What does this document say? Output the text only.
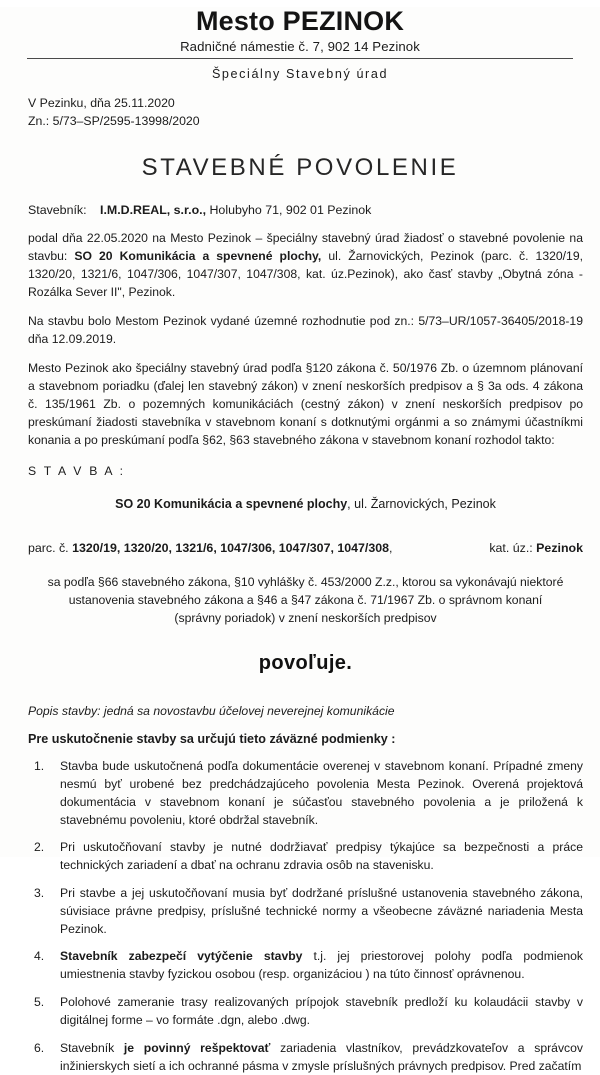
Mesto PEZINOK
Radničné námestie č. 7, 902 14 Pezinok
Špeciálny Stavebný úrad
V Pezinku, dňa 25.11.2020
Zn.: 5/73–SP/2595-13998/2020
STAVEBNÉ POVOLENIE
Stavebník: I.M.D.REAL, s.r.o., Holubyho 71, 902 01 Pezinok

podal dňa 22.05.2020 na Mesto Pezinok – špeciálny stavebný úrad žiadosť o stavebné povolenie na stavbu: SO 20 Komunikácia a spevnené plochy, ul. Žarnovických, Pezinok (parc. č. 1320/19, 1320/20, 1321/6, 1047/306, 1047/307, 1047/308, kat. úz.Pezinok), ako časť stavby „Obytná zóna - Rozálka Sever II", Pezinok.

Na stavbu bolo Mestom Pezinok vydané územné rozhodnutie pod zn.: 5/73–UR/1057-36405/2018-19 dňa 12.09.2019.

Mesto Pezinok ako špeciálny stavebný úrad podľa §120 zákona č. 50/1976 Zb. o územnom plánovaní a stavebnom poriadku (ďalej len stavebný zákon) v znení neskorších predpisov a § 3a ods. 4 zákona č. 135/1961 Zb. o pozemných komunikáciách (cestný zákon) v znení neskorších predpisov po preskúmaní žiadosti stavebníka v stavebnom konaní s dotknutými orgánmi a so známymi účastníkmi konania a po preskúmaní podľa §62, §63 stavebného zákona v stavebnom konaní rozhodol takto:

S T A V B A :
SO 20 Komunikácia a spevnené plochy, ul. Žarnovických, Pezinok
parc. č. 1320/19, 1320/20, 1321/6, 1047/306, 1047/307, 1047/308,	kat. úz.: Pezinok
sa podľa §66 stavebného zákona, §10 vyhlášky č. 453/2000 Z.z., ktorou sa vykonávajú niektoré ustanovenia stavebného zákona a §46 a §47 zákona č. 71/1967 Zb. o správnom konaní (správny poriadok) v znení neskorších predpisov
povoľuje.
Popis stavby: jedná sa novostavbu účelovej neverejnej komunikácie
Pre uskutočnenie stavby sa určujú tieto záväzné podmienky :
1.	Stavba bude uskutočnená podľa dokumentácie overenej v stavebnom konaní. Prípadné zmeny nesmú byť urobené bez predchádzajúceho povolenia Mesta Pezinok. Overená projektová dokumentácia v stavebnom konaní je súčasťou stavebného povolenia a je priložená k stavebnému povoleniu, ktoré obdržal stavebník.
2.	Pri uskutočňovaní stavby je nutné dodržiavať predpisy týkajúce sa bezpečnosti a práce technických zariadení a dbať na ochranu zdravia osôb na stavenisku.
3.	Pri stavbe a jej uskutočňovaní musia byť dodržané príslušné ustanovenia stavebného zákona, súvisiace právne predpisy, príslušné technické normy a všeobecne záväzné nariadenia Mesta Pezinok.
4.	Stavebník zabezpečí vytýčenie stavby t.j. jej priestorovej polohy podľa podmienok umiestnenia stavby fyzickou osobou (resp. organizáciou ) na túto činnosť oprávnenou.
5.	Polohové zameranie trasy realizovaných prípojok stavebník predloží ku kolaudácii stavby v digitálnej forme – vo formáte .dgn, alebo .dwg.
6.	Stavebník je povinný rešpektovať zariadenia vlastníkov, prevádzkovateľov a správcov inžinierskych sietí a ich ochranné pásma v zmysle príslušných právnych predpisov. Pred začatím
